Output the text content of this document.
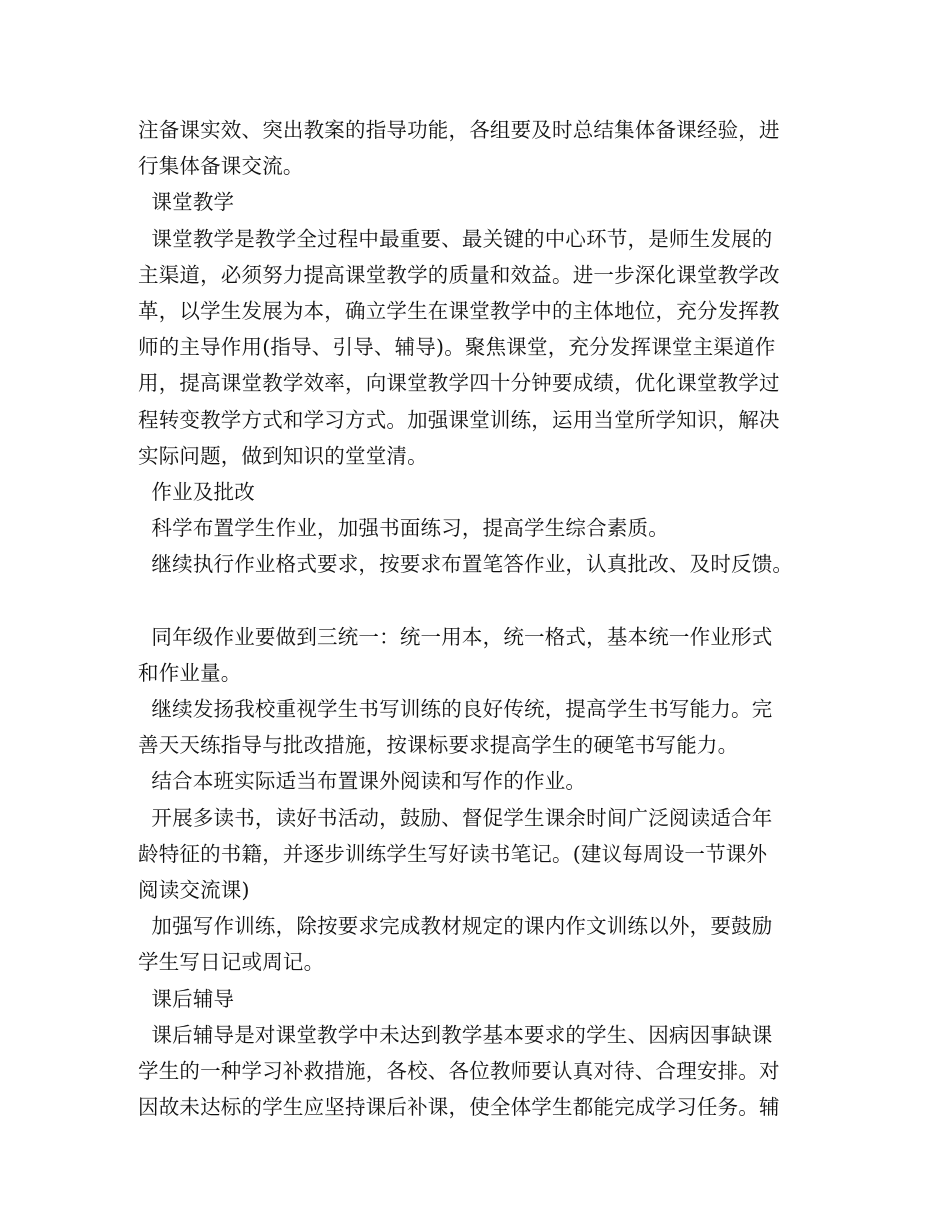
注备课实效、突出教案的指导功能，各组要及时总结集体备课经验，进
行集体备课交流。
课堂教学
课堂教学是教学全过程中最重要、最关键的中心环节，是师生发展的
主渠道，必须努力提高课堂教学的质量和效益。进一步深化课堂教学改
革，以学生发展为本，确立学生在课堂教学中的主体地位，充分发挥教
师的主导作用(指导、引导、辅导)。聚焦课堂，充分发挥课堂主渠道作
用，提高课堂教学效率，向课堂教学四十分钟要成绩，优化课堂教学过
程转变教学方式和学习方式。加强课堂训练，运用当堂所学知识，解决
实际问题，做到知识的堂堂清。
作业及批改
科学布置学生作业，加强书面练习，提高学生综合素质。
继续执行作业格式要求，按要求布置笔答作业，认真批改、及时反馈。
同年级作业要做到三统一：统一用本，统一格式，基本统一作业形式
和作业量。
继续发扬我校重视学生书写训练的良好传统，提高学生书写能力。完
善天天练指导与批改措施，按课标要求提高学生的硬笔书写能力。
结合本班实际适当布置课外阅读和写作的作业。
开展多读书，读好书活动，鼓励、督促学生课余时间广泛阅读适合年
龄特征的书籍，并逐步训练学生写好读书笔记。(建议每周设一节课外
阅读交流课)
加强写作训练，除按要求完成教材规定的课内作文训练以外，要鼓励
学生写日记或周记。
课后辅导
课后辅导是对课堂教学中未达到教学基本要求的学生、因病因事缺课
学生的一种学习补救措施，各校、各位教师要认真对待、合理安排。对
因故未达标的学生应坚持课后补课，使全体学生都能完成学习任务。辅
